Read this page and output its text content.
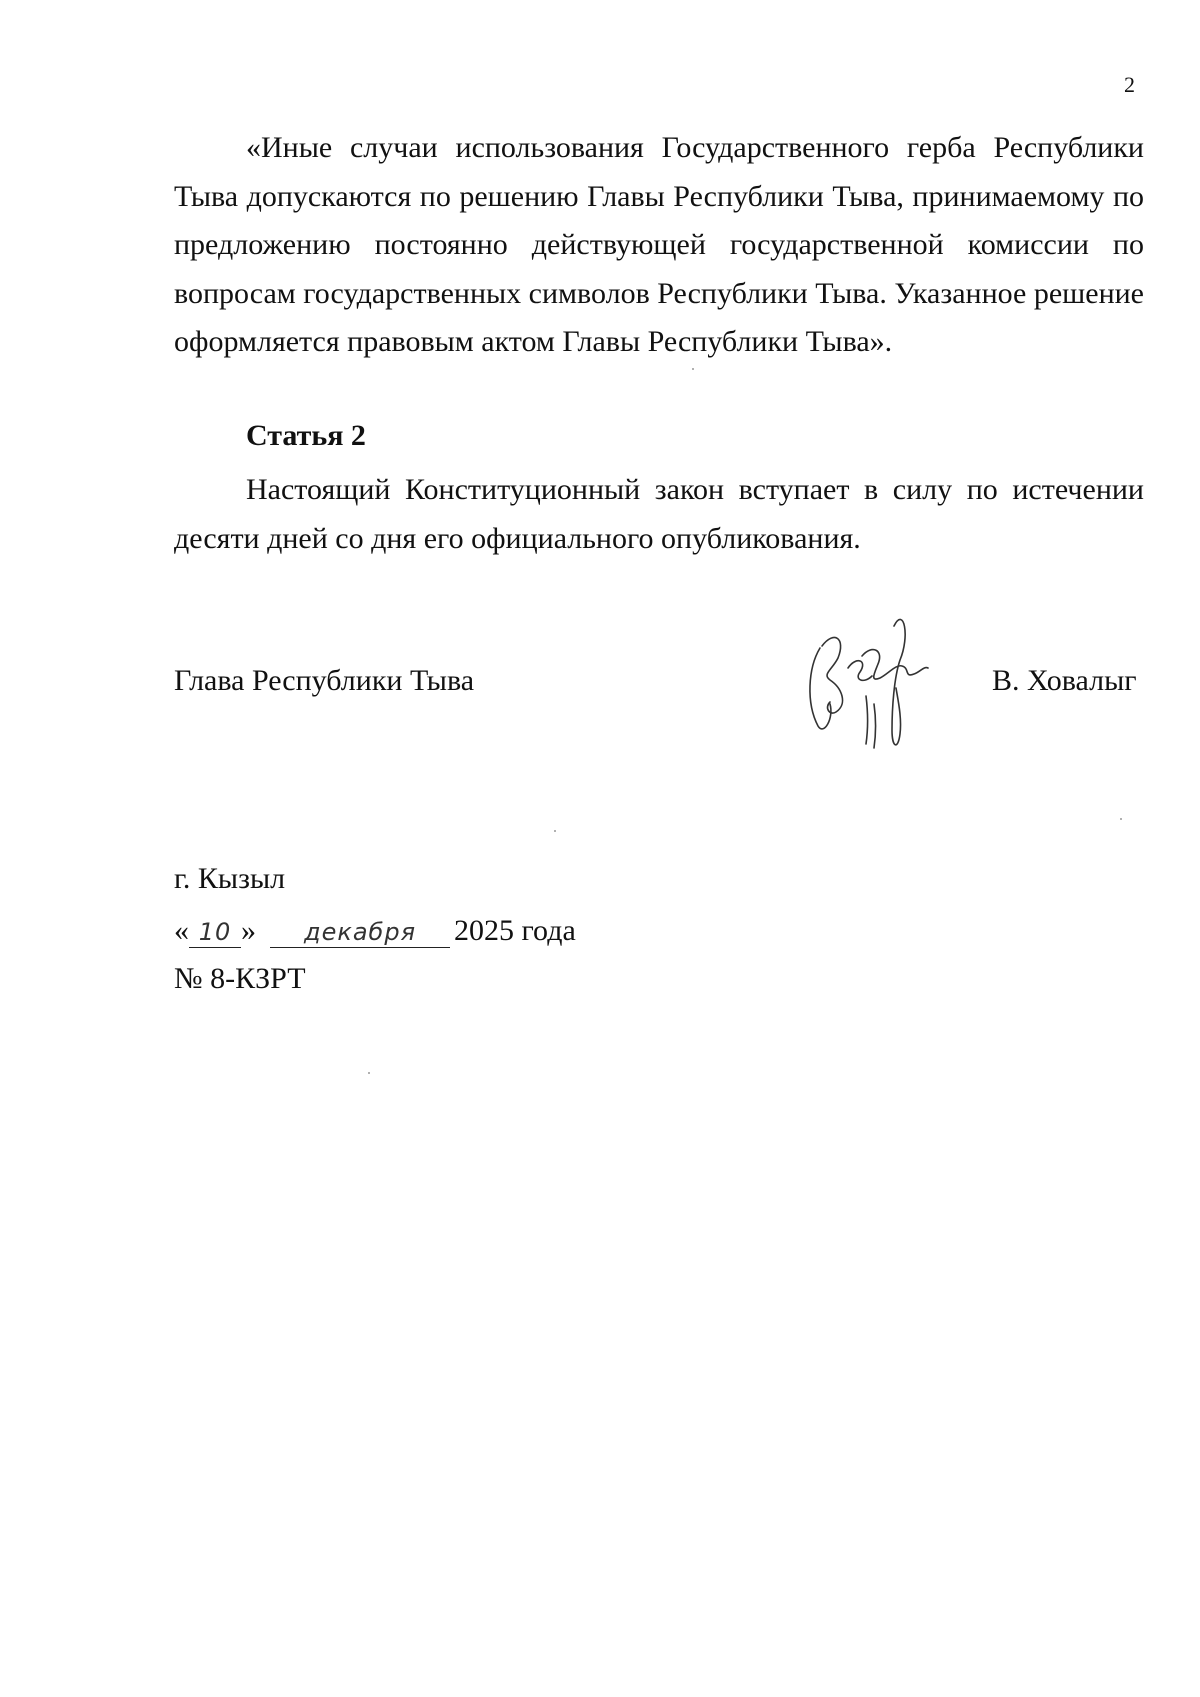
2

«Иные случаи использования Государственного герба Республики Тыва допускаются по решению Главы Республики Тыва, принимаемому по предложению постоянно действующей государственной комиссии по вопросам государственных символов Республики Тыва. Указанное решение оформляется правовым актом Главы Республики Тыва».

Статья 2

Настоящий Конституционный закон вступает в силу по истечении десяти дней со дня его официального опубликования.

Глава Республики Тыва	В. Ховалыг
г. Кызыл
« 10 » декабря 2025 года
№ 8-КЗРТ
